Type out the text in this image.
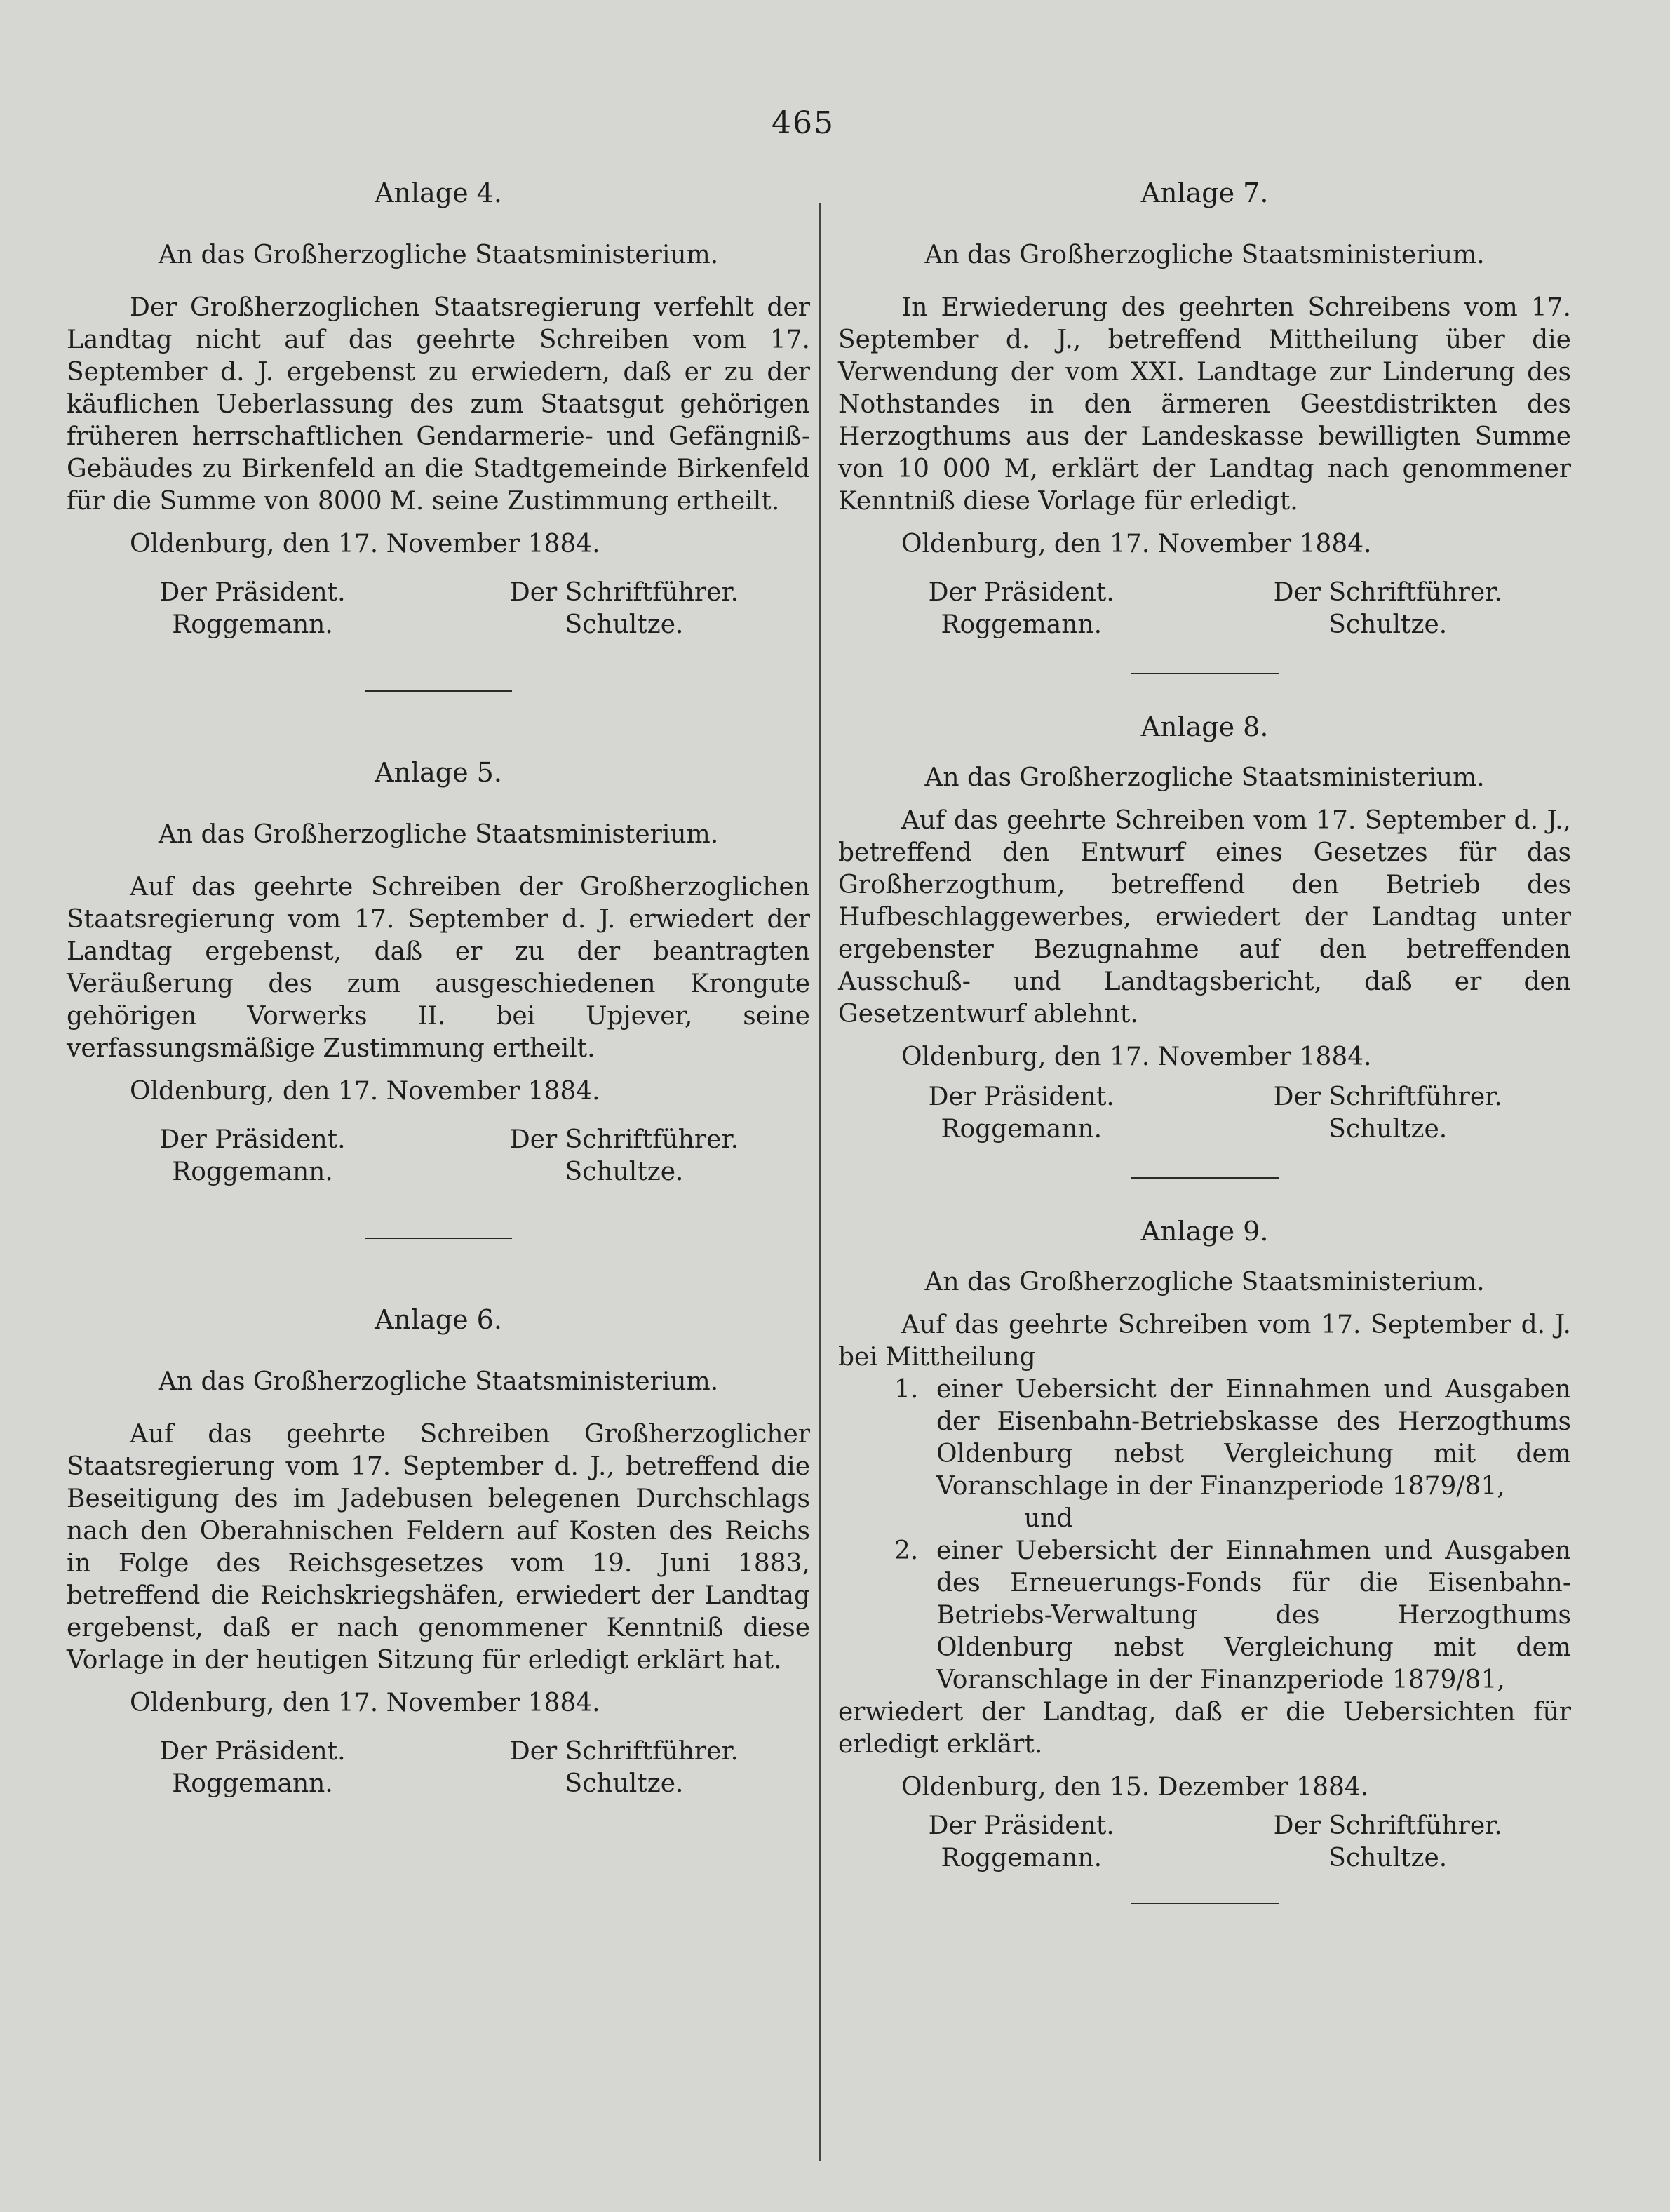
465
Anlage 4.
An das Großherzogliche Staatsministerium.

Der Großherzoglichen Staatsregierung verfehlt der Landtag nicht auf das geehrte Schreiben vom 17. September d. J. ergebenst zu erwiedern, daß er zu der käuflichen Ueberlassung des zum Staatsgut gehörigen früheren herrschaftlichen Gendarmerie- und Gefängniß-Gebäudes zu Birkenfeld an die Stadtgemeinde Birkenfeld für die Summe von 8000 M. seine Zustimmung ertheilt.

Oldenburg, den 17. November 1884.
Der Präsident.
Roggemann.
Der Schriftführer.
Schultze.
Anlage 5.
An das Großherzogliche Staatsministerium.

Auf das geehrte Schreiben der Großherzoglichen Staatsregierung vom 17. September d. J. erwiedert der Landtag ergebenst, daß er zu der beantragten Veräußerung des zum ausgeschiedenen Krongute gehörigen Vorwerks II. bei Upjever, seine verfassungsmäßige Zustimmung ertheilt.

Oldenburg, den 17. November 1884.
Der Präsident.
Roggemann.
Der Schriftführer.
Schultze.
Anlage 6.
An das Großherzogliche Staatsministerium.

Auf das geehrte Schreiben Großherzoglicher Staatsregierung vom 17. September d. J., betreffend die Beseitigung des im Jadebusen belegenen Durchschlags nach den Oberahnischen Feldern auf Kosten des Reichs in Folge des Reichsgesetzes vom 19. Juni 1883, betreffend die Reichskriegshäfen, erwiedert der Landtag ergebenst, daß er nach genommener Kenntniß diese Vorlage in der heutigen Sitzung für erledigt erklärt hat.

Oldenburg, den 17. November 1884.
Der Präsident.
Roggemann.
Der Schriftführer.
Schultze.
Anlage 7.
An das Großherzogliche Staatsministerium.

In Erwiederung des geehrten Schreibens vom 17. September d. J., betreffend Mittheilung über die Verwendung der vom XXI. Landtage zur Linderung des Nothstandes in den ärmeren Geestdistrikten des Herzogthums aus der Landeskasse bewilligten Summe von 10 000 M, erklärt der Landtag nach genommener Kenntniß diese Vorlage für erledigt.

Oldenburg, den 17. November 1884.
Der Präsident.
Roggemann.
Der Schriftführer.
Schultze.
Anlage 8.
An das Großherzogliche Staatsministerium.

Auf das geehrte Schreiben vom 17. September d. J., betreffend den Entwurf eines Gesetzes für das Großherzogthum, betreffend den Betrieb des Hufbeschlaggewerbes, erwiedert der Landtag unter ergebenster Bezugnahme auf den betreffenden Ausschuß- und Landtagsbericht, daß er den Gesetzentwurf ablehnt.

Oldenburg, den 17. November 1884.
Der Präsident.
Roggemann.
Der Schriftführer.
Schultze.
Anlage 9.
An das Großherzogliche Staatsministerium.

Auf das geehrte Schreiben vom 17. September d. J. bei Mittheilung

1. einer Uebersicht der Einnahmen und Ausgaben der Eisenbahn-Betriebskasse des Herzogthums Oldenburg nebst Vergleichung mit dem Voranschlage in der Finanzperiode 1879/81,
und
2. einer Uebersicht der Einnahmen und Ausgaben des Erneuerungs-Fonds für die Eisenbahn-Betriebs-Verwaltung des Herzogthums Oldenburg nebst Vergleichung mit dem Voranschlage in der Finanzperiode 1879/81,

erwiedert der Landtag, daß er die Uebersichten für erledigt erklärt.

Oldenburg, den 15. Dezember 1884.
Der Präsident.
Roggemann.
Der Schriftführer.
Schultze.
